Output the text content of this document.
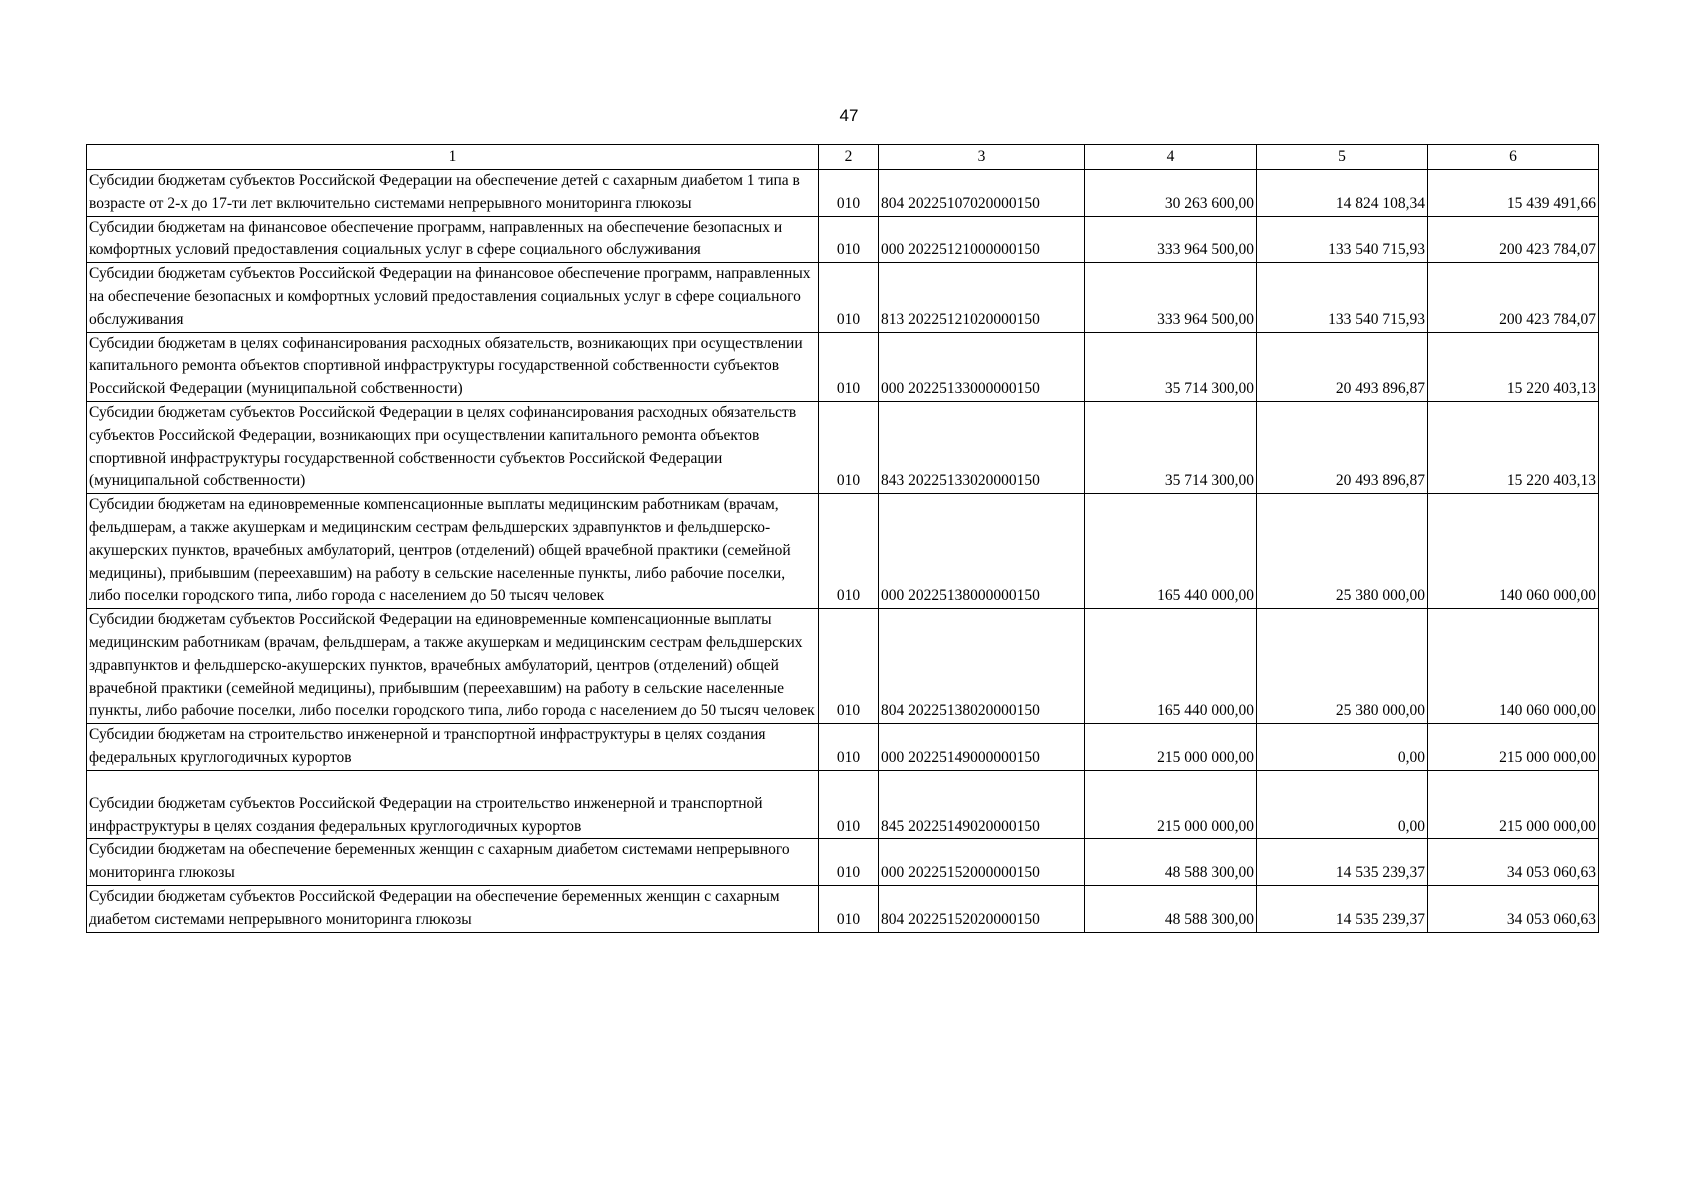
47
1	2	3	4	5	6
Субсидии бюджетам субъектов Российской Федерации на обеспечение детей с сахарным диабетом 1 типа в возрасте от 2-х до 17-ти лет включительно системами непрерывного мониторинга глюкозы	010	804 20225107020000150	30 263 600,00	14 824 108,34	15 439 491,66
Субсидии бюджетам на финансовое обеспечение программ, направленных на обеспечение безопасных и комфортных условий предоставления социальных услуг в сфере социального обслуживания	010	000 20225121000000150	333 964 500,00	133 540 715,93	200 423 784,07
Субсидии бюджетам субъектов Российской Федерации на финансовое обеспечение программ, направленных на обеспечение безопасных и комфортных условий предоставления социальных услуг в сфере социального обслуживания	010	813 20225121020000150	333 964 500,00	133 540 715,93	200 423 784,07
Субсидии бюджетам в целях софинансирования расходных обязательств, возникающих при осуществлении капитального ремонта объектов спортивной инфраструктуры государственной собственности субъектов Российской Федерации (муниципальной собственности)	010	000 20225133000000150	35 714 300,00	20 493 896,87	15 220 403,13
Субсидии бюджетам субъектов Российской Федерации в целях софинансирования расходных обязательств субъектов Российской Федерации, возникающих при осуществлении капитального ремонта объектов спортивной инфраструктуры государственной собственности субъектов Российской Федерации (муниципальной собственности)	010	843 20225133020000150	35 714 300,00	20 493 896,87	15 220 403,13
Субсидии бюджетам на единовременные компенсационные выплаты медицинским работникам (врачам, фельдшерам, а также акушеркам и медицинским сестрам фельдшерских здравпунктов и фельдшерско-акушерских пунктов, врачебных амбулаторий, центров (отделений) общей врачебной практики (семейной медицины), прибывшим (переехавшим) на работу в сельские населенные пункты, либо рабочие поселки, либо поселки городского типа, либо города с населением до 50 тысяч человек	010	000 20225138000000150	165 440 000,00	25 380 000,00	140 060 000,00
Субсидии бюджетам субъектов Российской Федерации на единовременные компенсационные выплаты медицинским работникам (врачам, фельдшерам, а также акушеркам и медицинским сестрам фельдшерских здравпунктов и фельдшерско-акушерских пунктов, врачебных амбулаторий, центров (отделений) общей врачебной практики (семейной медицины), прибывшим (переехавшим) на работу в сельские населенные пункты, либо рабочие поселки, либо поселки городского типа, либо города с населением до 50 тысяч человек	010	804 20225138020000150	165 440 000,00	25 380 000,00	140 060 000,00
Субсидии бюджетам на строительство инженерной и транспортной инфраструктуры в целях создания федеральных круглогодичных курортов	010	000 20225149000000150	215 000 000,00	0,00	215 000 000,00
Субсидии бюджетам субъектов Российской Федерации на строительство инженерной и транспортной инфраструктуры в целях создания федеральных круглогодичных курортов	010	845 20225149020000150	215 000 000,00	0,00	215 000 000,00
Субсидии бюджетам на обеспечение беременных женщин с сахарным диабетом системами непрерывного мониторинга глюкозы	010	000 20225152000000150	48 588 300,00	14 535 239,37	34 053 060,63
Субсидии бюджетам субъектов Российской Федерации на обеспечение беременных женщин с сахарным диабетом системами непрерывного мониторинга глюкозы	010	804 20225152020000150	48 588 300,00	14 535 239,37	34 053 060,63
